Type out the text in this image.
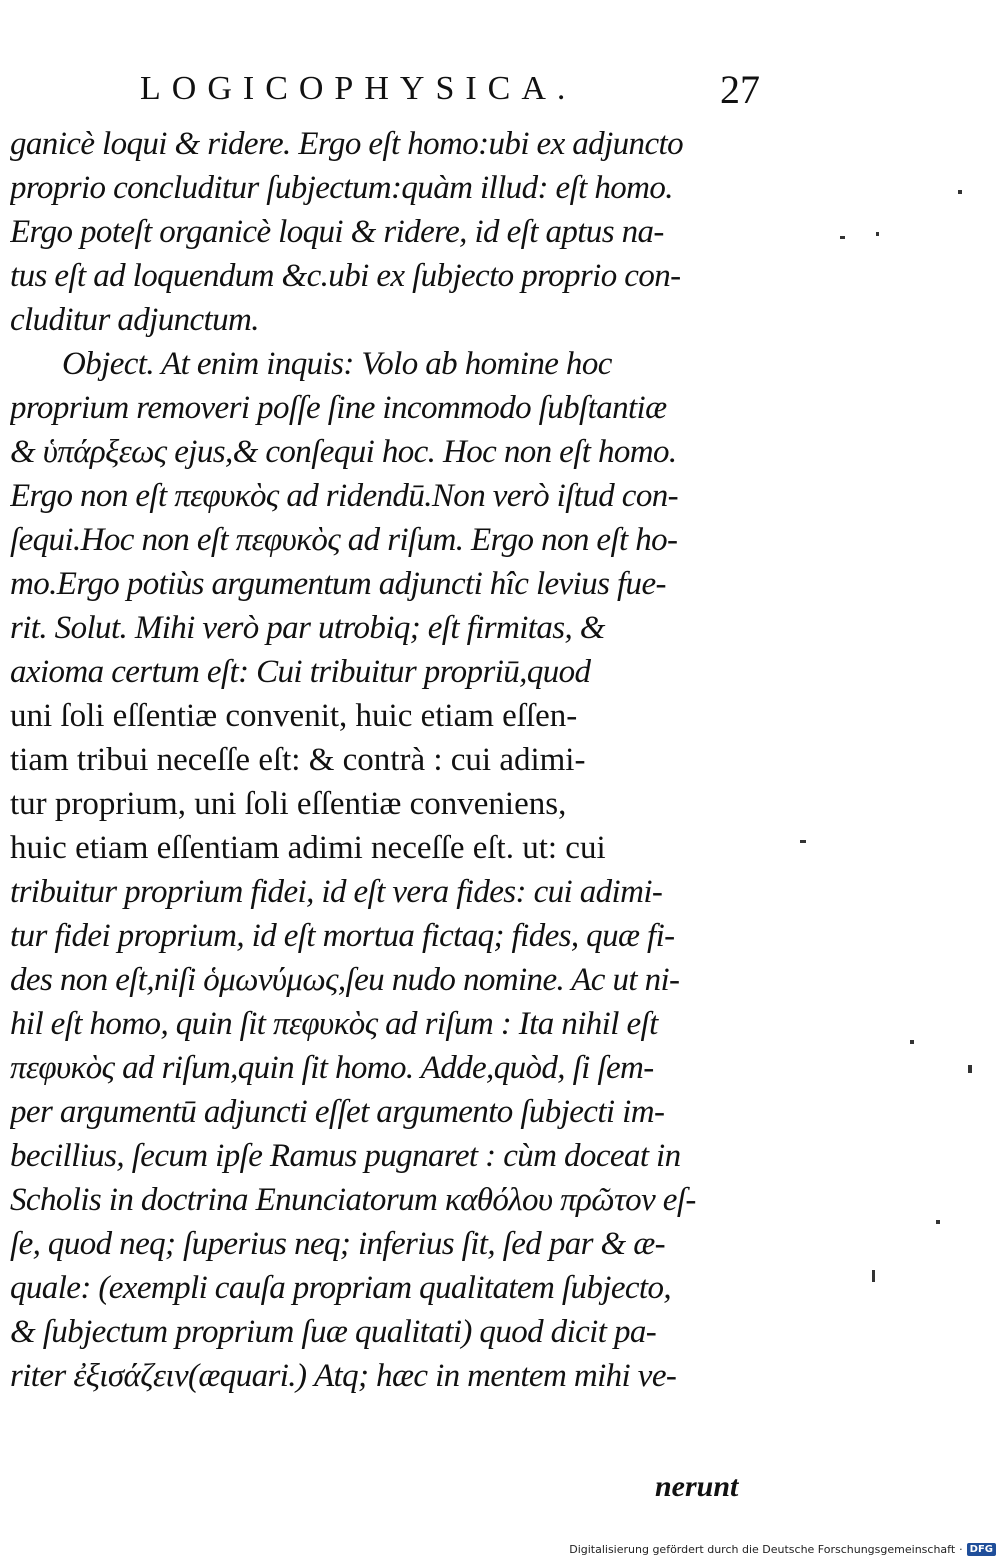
LOGICOPHYSICA.	27
ganicè loqui & ridere. Ergo eſt homo:ubi ex adjuncto
proprio concluditur ſubjectum:quàm illud: eſt homo.
Ergo poteſt organicè loqui & ridere, id eſt aptus na-
tus eſt ad loquendum &c.ubi ex ſubjecto proprio con-
cluditur adjunctum.
Object. At enim inquis: Volo ab homine hoc
proprium removeri poſſe ſine incommodo ſubſtantiæ
& ὑπάρξεως ejus,& conſequi hoc. Hoc non eſt homo.
Ergo non eſt πεφυκὸς ad ridendū.Non verò iſtud con-
ſequi.Hoc non eſt πεφυκὸς ad riſum. Ergo non eſt ho-
mo.Ergo potiùs argumentum adjuncti hîc levius fue-
rit. Solut. Mihi verò par utrobiq; eſt firmitas, &
axioma certum eſt: Cui tribuitur propriū,quod
uni ſoli eſſentiæ convenit, huic etiam eſſen-
tiam tribui neceſſe eſt: & contrà : cui adimi-
tur proprium, uni ſoli eſſentiæ conveniens,
huic etiam eſſentiam adimi neceſſe eſt. ut: cui
tribuitur proprium fidei, id eſt vera fides: cui adimi-
tur fidei proprium, id eſt mortua fictaq; fides, quæ fi-
des non eſt,niſi ὁμωνύμως,ſeu nudo nomine. Ac ut ni-
hil eſt homo, quin ſit πεφυκὸς ad riſum : Ita nihil eſt
πεφυκὸς ad riſum,quin ſit homo. Adde,quòd, ſi ſem-
per argumentū adjuncti eſſet argumento ſubjecti im-
becillius, ſecum ipſe Ramus pugnaret : cùm doceat in
Scholis in doctrina Enunciatorum καθόλου πρῶτον eſ-
ſe, quod neq; ſuperius neq; inferius ſit, ſed par & æ-
quale: (exempli cauſa propriam qualitatem ſubjecto,
& ſubjectum proprium ſuæ qualitati) quod dicit pa-
riter ἐξισάζειν(æquari.) Atq; hæc in mentem mihi ve-
nerunt
Digitalisierung gefördert durch die Deutsche Forschungsgemeinschaft · DFG
